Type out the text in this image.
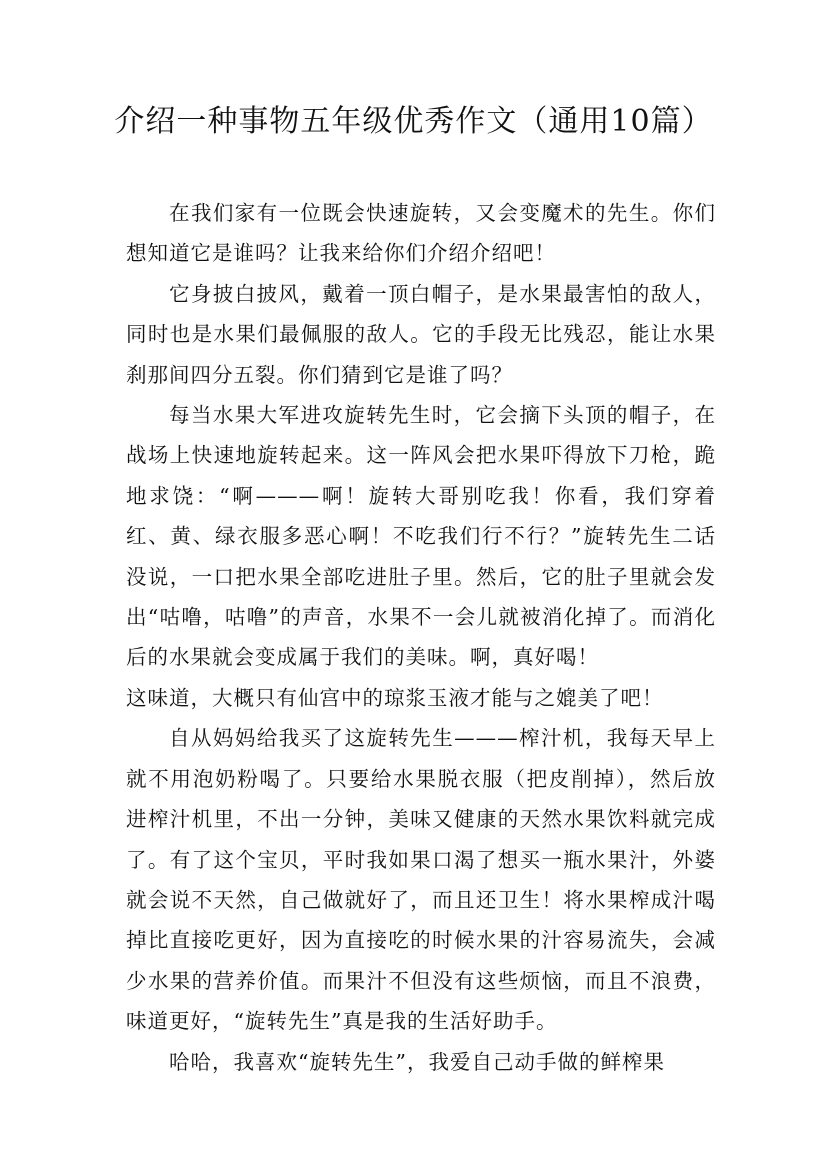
介绍一种事物五年级优秀作文（通用10篇）

在我们家有一位既会快速旋转，又会变魔术的先生。你们想知道它是谁吗？让我来给你们介绍介绍吧！

它身披白披风，戴着一顶白帽子，是水果最害怕的敌人，同时也是水果们最佩服的敌人。它的手段无比残忍，能让水果刹那间四分五裂。你们猜到它是谁了吗？

每当水果大军进攻旋转先生时，它会摘下头顶的帽子，在战场上快速地旋转起来。这一阵风会把水果吓得放下刀枪，跪地求饶：“啊———啊！旋转大哥别吃我！你看，我们穿着红、黄、绿衣服多恶心啊！不吃我们行不行？”旋转先生二话没说，一口把水果全部吃进肚子里。然后，它的肚子里就会发出“咕噜，咕噜”的声音，水果不一会儿就被消化掉了。而消化后的水果就会变成属于我们的美味。啊，真好喝！

这味道，大概只有仙宫中的琼浆玉液才能与之媲美了吧！

自从妈妈给我买了这旋转先生———榨汁机，我每天早上就不用泡奶粉喝了。只要给水果脱衣服（把皮削掉），然后放进榨汁机里，不出一分钟，美味又健康的天然水果饮料就完成了。有了这个宝贝，平时我如果口渴了想买一瓶水果汁，外婆就会说不天然，自己做就好了，而且还卫生！将水果榨成汁喝掉比直接吃更好，因为直接吃的时候水果的汁容易流失，会减少水果的营养价值。而果汁不但没有这些烦恼，而且不浪费，味道更好，“旋转先生”真是我的生活好助手。

哈哈，我喜欢“旋转先生”，我爱自己动手做的鲜榨果
